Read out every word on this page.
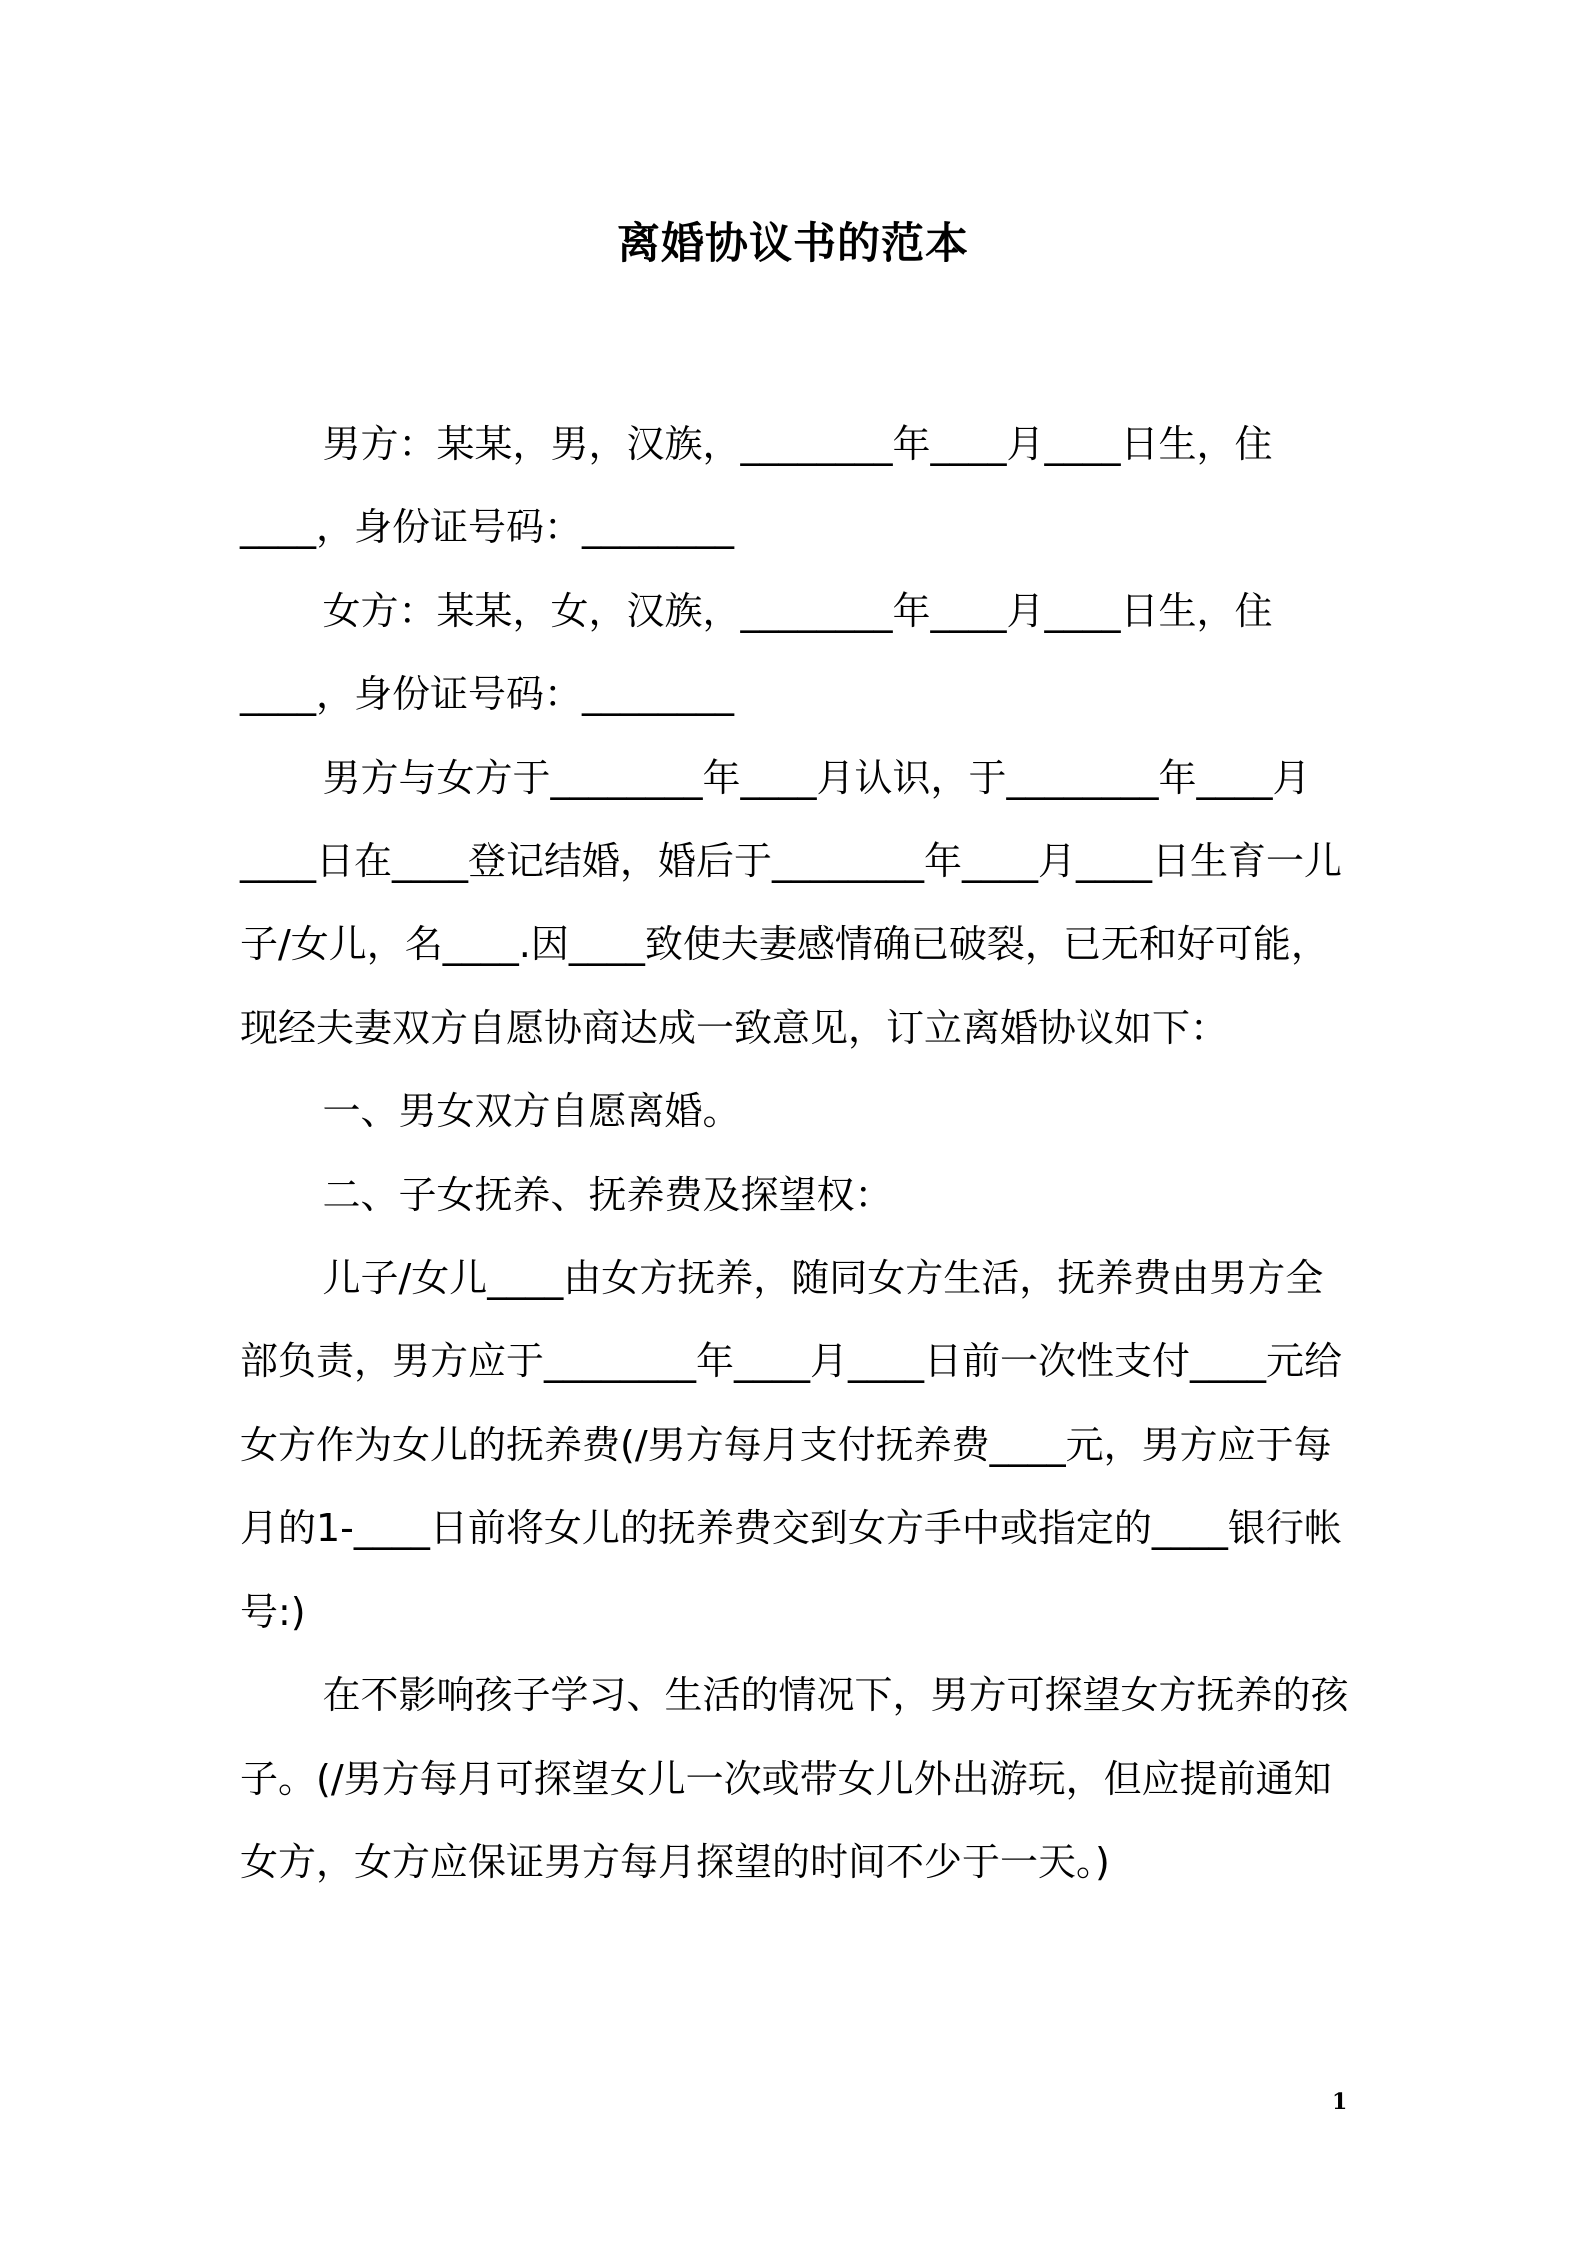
离婚协议书的范本

男方：某某，男，汉族，________年____月____日生，住____，身份证号码：________

女方：某某，女，汉族，________年____月____日生，住____，身份证号码：________

男方与女方于________年____月认识，于________年____月____日在____登记结婚，婚后于________年____月____日生育一儿子/女儿，名____.因____致使夫妻感情确已破裂，已无和好可能，现经夫妻双方自愿协商达成一致意见，订立离婚协议如下：

一、男女双方自愿离婚。

二、子女抚养、抚养费及探望权：

儿子/女儿____由女方抚养，随同女方生活，抚养费由男方全部负责，男方应于________年____月____日前一次性支付____元给女方作为女儿的抚养费(/男方每月支付抚养费____元，男方应于每月的1-____日前将女儿的抚养费交到女方手中或指定的____银行帐号:)

在不影响孩子学习、生活的情况下，男方可探望女方抚养的孩子。(/男方每月可探望女儿一次或带女儿外出游玩，但应提前通知女方，女方应保证男方每月探望的时间不少于一天。)

1
